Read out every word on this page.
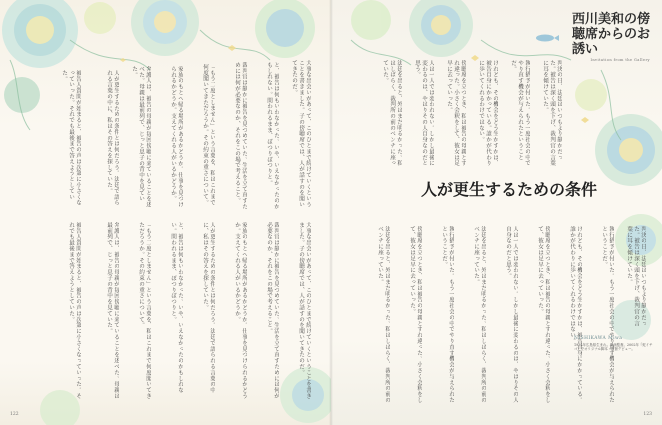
大事な出会いがあって、このひとまで続けていくということを書きました。子の傍聴席では、人が話すのを聞いてきたのだ。
と、被告は何もいわなかった。いや、いえなかったのかもしれない。問われるまま、ぽつりぽつりと。
裁判官は静かに被告を見つめていた。生活を立て直すためには何が必要なのか、それをこの場で考えること。
「もう二度としません」という言葉を、私はこれまで何度聞いてきただろうか。その約束の重さについて。
家族のもとへ帰る場所があるかどうか。仕事を見つけられるかどうか。支えてくれる人がいるかどうか。
弁護人は、被告の母親が毎回傍聴に来ていることを述べた。母親は最前列で、じっと息子の背中を見ていた。
人が更生するための条件とは何だろう。法廷で語られる言葉の中に、私はその答えを探していた。
被告人質問が始まると、被告の声は次第に小さくなっていった。それでも最後まで答えようとしていた。
大事な出会いがあって、このひとまで続けていくということを書きました。子の傍聴席では、人が話すのを聞いてきたのだ。
裁判官は静かに被告を見つめていた。生活を立て直すためには何が必要なのか、それをこの場で考えること。
家族のもとへ帰る場所があるかどうか。仕事を見つけられるかどうか。支えてくれる人がいるかどうか。
人が更生するための条件とは何だろう。法廷で語られる言葉の中に、私はその答えを探していた。
と、被告は何もいわなかった。いや、いえなかったのかもしれない。問われるまま、ぽつりぽつりと。
「もう二度としません」という言葉を、私はこれまで何度聞いてきただろうか。その約束の重さについて。
弁護人は、被告の母親が毎回傍聴に来ていることを述べた。母親は最前列で、じっと息子の背中を見ていた。
被告人質問が始まると、被告の声は次第に小さくなっていった。それでも最後まで答えようとしていた。
122
西川美和の傍聴席からのお誘い
Invitation from the Gallery
判決の日、法廷はいつもより静かだった。被告は深く頭を下げ、裁判官の言葉に耳を傾けていた。
執行猶予が付いた。もう一度社会の中でやり直す機会が与えられたということだ。
けれども、その機会をどう生かすかは、被告自身にかかっている。誰かが代わりに歩いてくれるわけではない。
傍聴席を立つとき、私は被告の母親とすれ違った。小さく会釈をして、彼女は足早に去っていった。
人は一人では変われない。しかし最後に変わるのは、やはりその人自身なのだと思う。
法廷を出ると、外はまだ明るかった。私はしばらく、裁判所の前のベンチに座っていた。
人が更生するための条件
判決の日、法廷はいつもより静かだった。被告は深く頭を下げ、裁判官の言葉に耳を傾けていた。
執行猶予が付いた。もう一度社会の中でやり直す機会が与えられたということだ。
けれども、その機会をどう生かすかは、被告自身にかかっている。誰かが代わりに歩いてくれるわけではない。
傍聴席を立つとき、私は被告の母親とすれ違った。小さく会釈をして、彼女は足早に去っていった。
人は一人では変われない。しかし最後に変わるのは、やはりその人自身なのだと思う。
法廷を出ると、外はまだ明るかった。私はしばらく、裁判所の前のベンチに座っていた。
執行猶予が付いた。もう一度社会の中でやり直す機会が与えられたということだ。
傍聴席を立つとき、私は被告の母親とすれ違った。小さく会釈をして、彼女は足早に去っていった。
法廷を出ると、外はまだ明るかった。私はしばらく、裁判所の前のベンチに座っていた。
NISHIKAWA Miwa
1974年広島県生まれ。映画監督。2002年『蛇イチゴ』でオリジナル脚本・監督デビュー。
123
